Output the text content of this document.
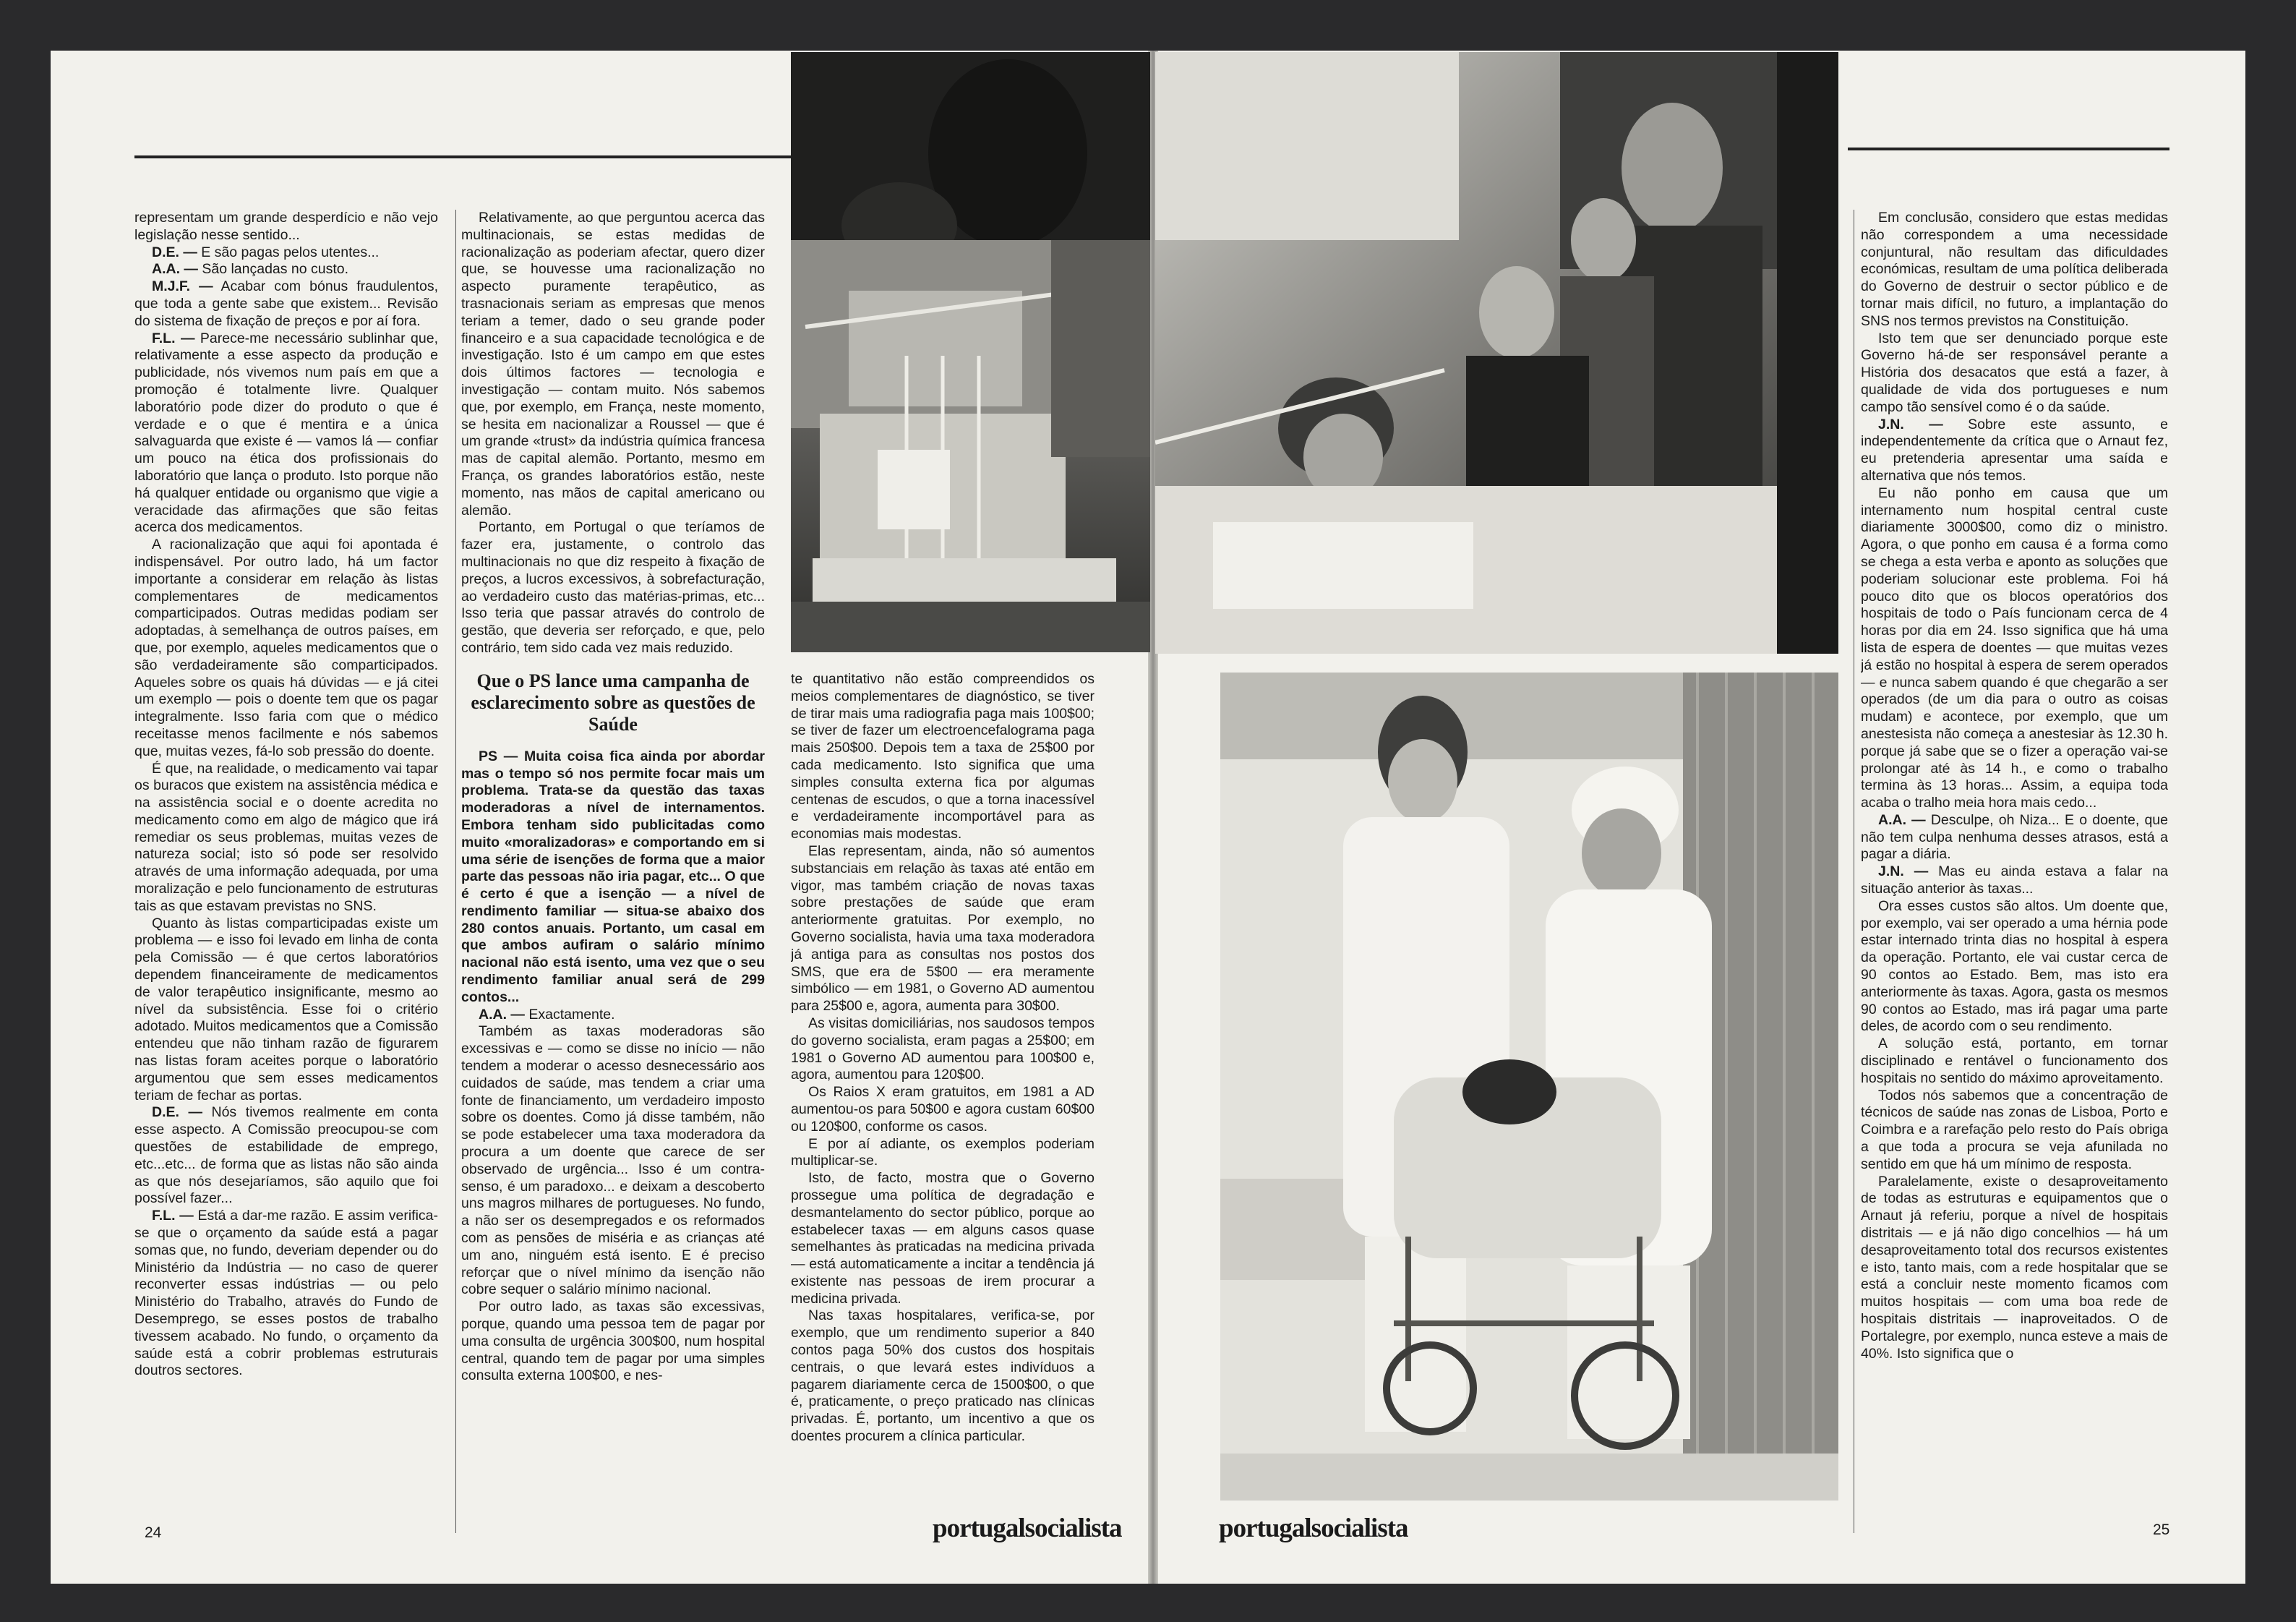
representam um grande desperdício e não vejo legislação nesse sentido...

D.E. — E são pagas pelos utentes...

A.A. — São lançadas no custo.

M.J.F. — Acabar com bónus fraudulentos, que toda a gente sabe que existem... Revisão do sistema de fixação de preços e por aí fora.

F.L. — Parece-me necessário sublinhar que, relativamente a esse aspecto da produção e publicidade, nós vivemos num país em que a promoção é totalmente livre. Qualquer laboratório pode dizer do produto o que é verdade e o que é mentira e a única salvaguarda que existe é — vamos lá — confiar um pouco na ética dos profissionais do laboratório que lança o produto. Isto porque não há qualquer entidade ou organismo que vigie a veracidade das afirmações que são feitas acerca dos medicamentos.

A racionalização que aqui foi apontada é indispensável. Por outro lado, há um factor importante a considerar em relação às listas complementares de medicamentos comparticipados. Outras medidas podiam ser adoptadas, à semelhança de outros países, em que, por exemplo, aqueles medicamentos que o são verdadeiramente são comparticipados. Aqueles sobre os quais há dúvidas — e já citei um exemplo — pois o doente tem que os pagar integralmente. Isso faria com que o médico receitasse menos facilmente e nós sabemos que, muitas vezes, fá-lo sob pressão do doente.

É que, na realidade, o medicamento vai tapar os buracos que existem na assistência médica e na assistência social e o doente acredita no medicamento como em algo de mágico que irá remediar os seus problemas, muitas vezes de natureza social; isto só pode ser resolvido através de uma informação adequada, por uma moralização e pelo funcionamento de estruturas tais as que estavam previstas no SNS.

Quanto às listas comparticipadas existe um problema — e isso foi levado em linha de conta pela Comissão — é que certos laboratórios dependem financeiramente de medicamentos de valor terapêutico insignificante, mesmo ao nível da subsistência. Esse foi o critério adotado. Muitos medicamentos que a Comissão entendeu que não tinham razão de figurarem nas listas foram aceites porque o laboratório argumentou que sem esses medicamentos teriam de fechar as portas.

D.E. — Nós tivemos realmente em conta esse aspecto. A Comissão preocupou-se com questões de estabilidade de emprego, etc...etc... de forma que as listas não são ainda as que nós desejaríamos, são aquilo que foi possível fazer...

F.L. — Está a dar-me razão. E assim verifica-se que o orçamento da saúde está a pagar somas que, no fundo, deveriam depender ou do Ministério da Indústria — no caso de querer reconverter essas indústrias — ou pelo Ministério do Trabalho, através do Fundo de Desemprego, se esses postos de trabalho tivessem acabado. No fundo, o orçamento da saúde está a cobrir problemas estruturais doutros sectores.

Relativamente, ao que perguntou acerca das multinacionais, se estas medidas de racionalização as poderiam afectar, quero dizer que, se houvesse uma racionalização no aspecto puramente terapêutico, as trasnacionais seriam as empresas que menos teriam a temer, dado o seu grande poder financeiro e a sua capacidade tecnológica e de investigação. Isto é um campo em que estes dois últimos factores — tecnologia e investigação — contam muito. Nós sabemos que, por exemplo, em França, neste momento, se hesita em nacionalizar a Roussel — que é um grande «trust» da indústria química francesa mas de capital alemão. Portanto, mesmo em França, os grandes laboratórios estão, neste momento, nas mãos de capital americano ou alemão.

Portanto, em Portugal o que teríamos de fazer era, justamente, o controlo das multinacionais no que diz respeito à fixação de preços, a lucros excessivos, à sobrefacturação, ao verdadeiro custo das matérias-primas, etc... Isso teria que passar através do controlo de gestão, que deveria ser reforçado, e que, pelo contrário, tem sido cada vez mais reduzido.

Que o PS lance uma campanha de esclarecimento sobre as questões de Saúde

PS — Muita coisa fica ainda por abordar mas o tempo só nos permite focar mais um problema. Trata-se da questão das taxas moderadoras a nível de internamentos. Embora tenham sido publicitadas como muito «moralizadoras» e comportando em si uma série de isenções de forma que a maior parte das pessoas não iria pagar, etc... O que é certo é que a isenção — a nível de rendimento familiar — situa-se abaixo dos 280 contos anuais. Portanto, um casal em que ambos aufiram o salário mínimo nacional não está isento, uma vez que o seu rendimento familiar anual será de 299 contos...

A.A. — Exactamente.

Também as taxas moderadoras são excessivas e — como se disse no início — não tendem a moderar o acesso desnecessário aos cuidados de saúde, mas tendem a criar uma fonte de financiamento, um verdadeiro imposto sobre os doentes. Como já disse também, não se pode estabelecer uma taxa moderadora da procura a um doente que carece de ser observado de urgência... Isso é um contra-senso, é um paradoxo... e deixam a descoberto uns magros milhares de portugueses. No fundo, a não ser os desempregados e os reformados com as pensões de miséria e as crianças até um ano, ninguém está isento. E é preciso reforçar que o nível mínimo da isenção não cobre sequer o salário mínimo nacional.

Por outro lado, as taxas são excessivas, porque, quando uma pessoa tem de pagar por uma consulta de urgência 300$00, num hospital central, quando tem de pagar por uma simples consulta externa 100$00, e nes-

te quantitativo não estão compreendidos os meios complementares de diagnóstico, se tiver de tirar mais uma radiografia paga mais 100$00; se tiver de fazer um electroencefalograma paga mais 250$00. Depois tem a taxa de 25$00 por cada medicamento. Isto significa que uma simples consulta externa fica por algumas centenas de escudos, o que a torna inacessível e verdadeiramente incomportável para as economias mais modestas.

Elas representam, ainda, não só aumentos substanciais em relação às taxas até então em vigor, mas também criação de novas taxas sobre prestações de saúde que eram anteriormente gratuitas. Por exemplo, no Governo socialista, havia uma taxa moderadora já antiga para as consultas nos postos dos SMS, que era de 5$00 — era meramente simbólico — em 1981, o Governo AD aumentou para 25$00 e, agora, aumenta para 30$00.

As visitas domiciliárias, nos saudosos tempos do governo socialista, eram pagas a 25$00; em 1981 o Governo AD aumentou para 100$00 e, agora, aumentou para 120$00.

Os Raios X eram gratuitos, em 1981 a AD aumentou-os para 50$00 e agora custam 60$00 ou 120$00, conforme os casos.

E por aí adiante, os exemplos poderiam multiplicar-se.

Isto, de facto, mostra que o Governo prossegue uma política de degradação e desmantelamento do sector público, porque ao estabelecer taxas — em alguns casos quase semelhantes às praticadas na medicina privada — está automaticamente a incitar a tendência já existente nas pessoas de irem procurar a medicina privada.

Nas taxas hospitalares, verifica-se, por exemplo, que um rendimento superior a 840 contos paga 50% dos custos dos hospitais centrais, o que levará estes indivíduos a pagarem diariamente cerca de 1500$00, o que é, praticamente, o preço praticado nas clínicas privadas. É, portanto, um incentivo a que os doentes procurem a clínica particular.

Em conclusão, considero que estas medidas não correspondem a uma necessidade conjuntural, não resultam das dificuldades económicas, resultam de uma política deliberada do Governo de destruir o sector público e de tornar mais difícil, no futuro, a implantação do SNS nos termos previstos na Constituição.

Isto tem que ser denunciado porque este Governo há-de ser responsável perante a História dos desacatos que está a fazer, à qualidade de vida dos portugueses e num campo tão sensível como é o da saúde.

J.N. — Sobre este assunto, e independentemente da crítica que o Arnaut fez, eu pretenderia apresentar uma saída e alternativa que nós temos.

Eu não ponho em causa que um internamento num hospital central custe diariamente 3000$00, como diz o ministro. Agora, o que ponho em causa é a forma como se chega a esta verba e aponto as soluções que poderiam solucionar este problema. Foi há pouco dito que os blocos operatórios dos hospitais de todo o País funcionam cerca de 4 horas por dia em 24. Isso significa que há uma lista de espera de doentes — que muitas vezes já estão no hospital à espera de serem operados — e nunca sabem quando é que chegarão a ser operados (de um dia para o outro as coisas mudam) e acontece, por exemplo, que um anestesista não começa a anestesiar às 12.30 h. porque já sabe que se o fizer a operação vai-se prolongar até às 14 h., e como o trabalho termina às 13 horas... Assim, a equipa toda acaba o tralho meia hora mais cedo...

A.A. — Desculpe, oh Niza... E o doente, que não tem culpa nenhuma desses atrasos, está a pagar a diária.

J.N. — Mas eu ainda estava a falar na situação anterior às taxas...

Ora esses custos são altos. Um doente que, por exemplo, vai ser operado a uma hérnia pode estar internado trinta dias no hospital à espera da operação. Portanto, ele vai custar cerca de 90 contos ao Estado. Bem, mas isto era anteriormente às taxas. Agora, gasta os mesmos 90 contos ao Estado, mas irá pagar uma parte deles, de acordo com o seu rendimento.

A solução está, portanto, em tornar disciplinado e rentável o funcionamento dos hospitais no sentido do máximo aproveitamento.

Todos nós sabemos que a concentração de técnicos de saúde nas zonas de Lisboa, Porto e Coimbra e a rarefação pelo resto do País obriga a que toda a procura se veja afunilada no sentido em que há um mínimo de resposta.

Paralelamente, existe o desaproveitamento de todas as estruturas e equipamentos que o Arnaut já referiu, porque a nível de hospitais distritais — e já não digo concelhios — há um desaproveitamento total dos recursos existentes e isto, tanto mais, com a rede hospitalar que se está a concluir neste momento ficamos com muitos hospitais — com uma boa rede de hospitais distritais — inaproveitados. O de Portalegre, por exemplo, nunca esteve a mais de 40%. Isto significa que o

24	portugalsocialista	portugalsocialista	25
